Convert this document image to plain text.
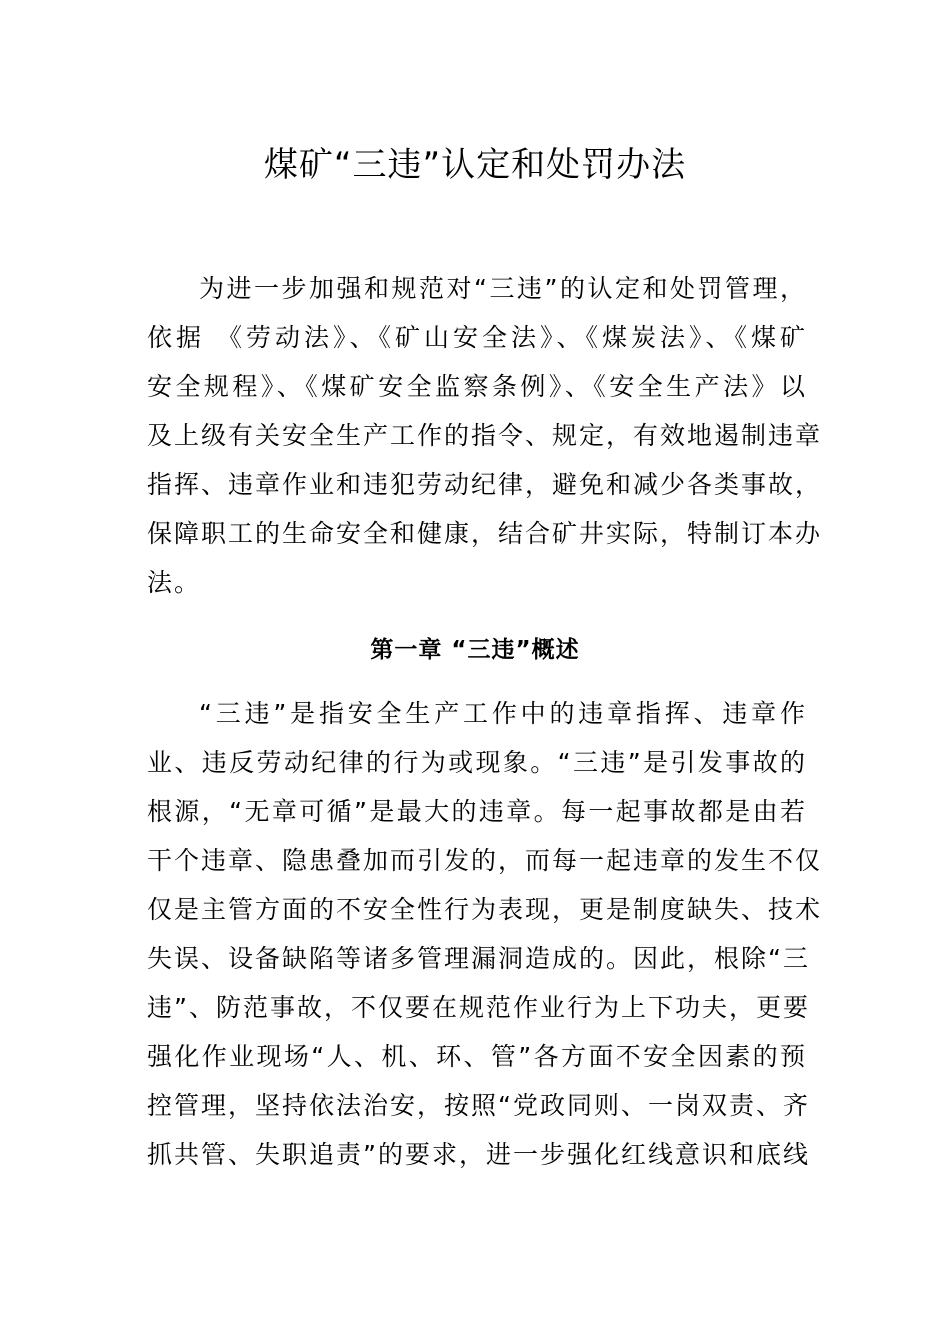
煤矿“三违”认定和处罚办法
为进一步加强和规范对“三违”的认定和处罚管理，
依据 《劳动法》、《矿山安全法》、《煤炭法》、《煤矿
安全规程》、《煤矿安全监察条例》、《安全生产法》以
及上级有关安全生产工作的指令、规定，有效地遏制违章
指挥、违章作业和违犯劳动纪律，避免和减少各类事故，
保障职工的生命安全和健康，结合矿井实际，特制订本办
法。
第一章 “三违”概述
“三违”是指安全生产工作中的违章指挥、违章作
业、违反劳动纪律的行为或现象。“三违”是引发事故的
根源，“无章可循”是最大的违章。每一起事故都是由若
干个违章、隐患叠加而引发的，而每一起违章的发生不仅
仅是主管方面的不安全性行为表现，更是制度缺失、技术
失误、设备缺陷等诸多管理漏洞造成的。因此，根除“三
违”、防范事故，不仅要在规范作业行为上下功夫，更要
强化作业现场“人、机、环、管”各方面不安全因素的预
控管理，坚持依法治安，按照“党政同则、一岗双责、齐
抓共管、失职追责”的要求，进一步强化红线意识和底线
